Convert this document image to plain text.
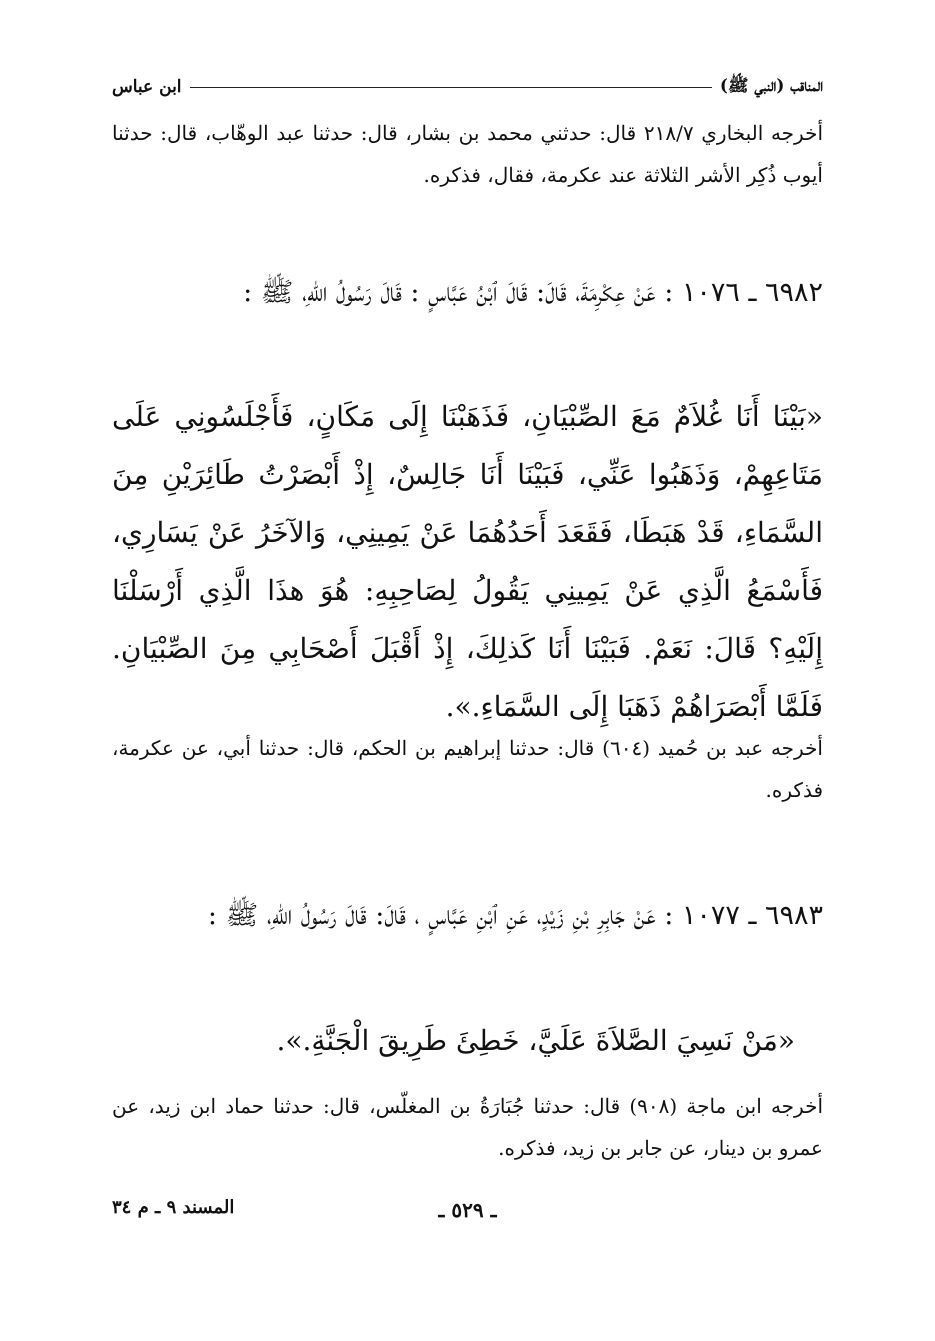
المناقب (النبي ﷺ)
ابن عباس
أخرجه البخاري ٢١٨/٧ قال: حدثني محمد بن بشار، قال: حدثنا عبد الوهّاب، قال: حدثنا أيوب ذُكِر الأشر الثلاثة عند عكرمة، فقال، فذكره.
٦٩٨٢ ـ ١٠٧٦ : عَنْ عِكْرِمَةَ، قَالَ: قَالَ ٱبْنُ عَبَّاسٍ : قَالَ رَسُولُ اللّهِ، ﷺ :
«بَيْنَا أَنَا غُلاَمٌ مَعَ الصِّبْيَانِ، فَذَهَبْنَا إِلَى مَكَانٍ، فَأَجْلَسُونِي عَلَى مَتَاعِهِمْ، وَذَهَبُوا عَنِّي، فَبَيْنَا أَنَا جَالِسٌ، إِذْ أَبْصَرْتُ طَائِرَيْنِ مِنَ السَّمَاءِ، قَدْ هَبَطَا، فَقَعَدَ أَحَدُهُمَا عَنْ يَمِينِي، وَالآخَرُ عَنْ يَسَارِي، فَأَسْمَعُ الَّذِي عَنْ يَمِينِي يَقُولُ لِصَاحِبِهِ: هُوَ هذَا الَّذِي أَرْسَلْنَا إِلَيْهِ؟ قَالَ: نَعَمْ. فَبَيْنَا أَنَا كَذلِكَ، إِذْ أَقْبَلَ أَصْحَابِي مِنَ الصِّبْيَانِ. فَلَمَّا أَبْصَرَاهُمْ ذَهَبَا إِلَى السَّمَاءِ.».
أخرجه عبد بن حُميد (٦٠٤) قال: حدثنا إبراهيم بن الحكم، قال: حدثنا أبي، عن عكرمة، فذكره.
٦٩٨٣ ـ ١٠٧٧ : عَنْ جَابِرِ بْنِ زَيْدٍ، عَنِ ٱبْنِ عَبَّاسٍ ، قَالَ: قَالَ رَسُولُ اللّهِ، ﷺ :
«مَنْ نَسِيَ الصَّلاَةَ عَلَيَّ، خَطِئَ طَرِيقَ الْجَنَّةِ.».
أخرجه ابن ماجة (٩٠٨) قال: حدثنا جُبَارَةُ بن المغلّس، قال: حدثنا حماد ابن زيد، عن عمرو بن دينار، عن جابر بن زيد، فذكره.
المسند ٩ ـ م ٣٤	ـ ٥٢٩ ـ
